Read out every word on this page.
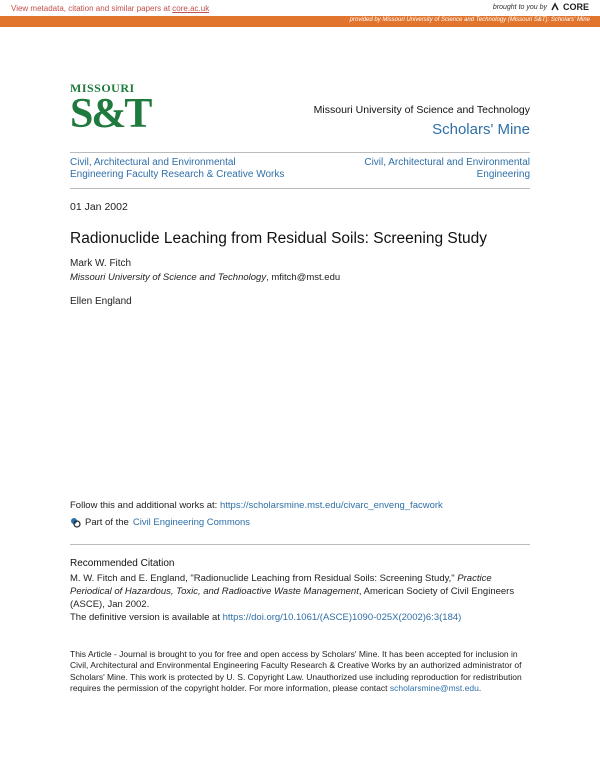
View metadata, citation and similar papers at core.ac.uk	brought to you by CORE
provided by Missouri University of Science and Technology (Missouri S&T): Scholars' Mine
MISSOURI
S&T	Missouri University of Science and Technology
Scholars' Mine
Civil, Architectural and Environmental
Engineering Faculty Research & Creative Works
Civil, Architectural and Environmental
Engineering
01 Jan 2002
Radionuclide Leaching from Residual Soils: Screening Study
Mark W. Fitch
Missouri University of Science and Technology, mfitch@mst.edu
Ellen England
Follow this and additional works at: https://scholarsmine.mst.edu/civarc_enveng_facwork
Part of the Civil Engineering Commons
Recommended Citation
M. W. Fitch and E. England, "Radionuclide Leaching from Residual Soils: Screening Study," Practice Periodical of Hazardous, Toxic, and Radioactive Waste Management, American Society of Civil Engineers (ASCE), Jan 2002.
The definitive version is available at https://doi.org/10.1061/(ASCE)1090-025X(2002)6:3(184)
This Article - Journal is brought to you for free and open access by Scholars' Mine. It has been accepted for inclusion in Civil, Architectural and Environmental Engineering Faculty Research & Creative Works by an authorized administrator of Scholars' Mine. This work is protected by U. S. Copyright Law. Unauthorized use including reproduction for redistribution requires the permission of the copyright holder. For more information, please contact scholarsmine@mst.edu.
